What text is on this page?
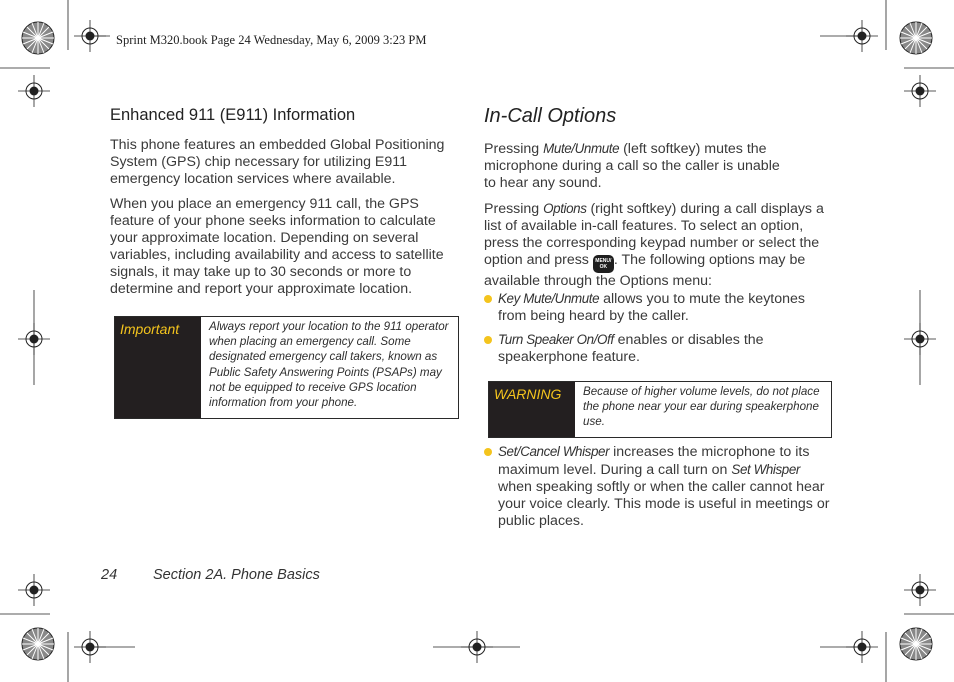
Sprint M320.book Page 24 Wednesday, May 6, 2009 3:23 PM
Enhanced 911 (E911) Information

This phone features an embedded Global Positioning System (GPS) chip necessary for utilizing E911 emergency location services where available.

When you place an emergency 911 call, the GPS feature of your phone seeks information to calculate your approximate location. Depending on several variables, including availability and access to satellite signals, it may take up to 30 seconds or more to determine and report your approximate location.

Important	Always report your location to the 911 operator when placing an emergency call. Some designated emergency call takers, known as Public Safety Answering Points (PSAPs) may not be equipped to receive GPS location information from your phone.
In-Call Options

Pressing Mute/Unmute (left softkey) mutes the microphone during a call so the caller is unable to hear any sound.

Pressing Options (right softkey) during a call displays a list of available in-call features. To select an option, press the corresponding keypad number or select the option and press MENU/
OK . The following options may be available through the Options menu:

Key Mute/Unmute allows you to mute the keytones from being heard by the caller.
Turn Speaker On/Off enables or disables the speakerphone feature.
WARNING	Because of higher volume levels, do not place the phone near your ear during speakerphone use.
Set/Cancel Whisper increases the microphone to its maximum level. During a call turn on Set Whisper when speaking softly or when the caller cannot hear your voice clearly. This mode is useful in meetings or public places.
24 Section 2A. Phone Basics
